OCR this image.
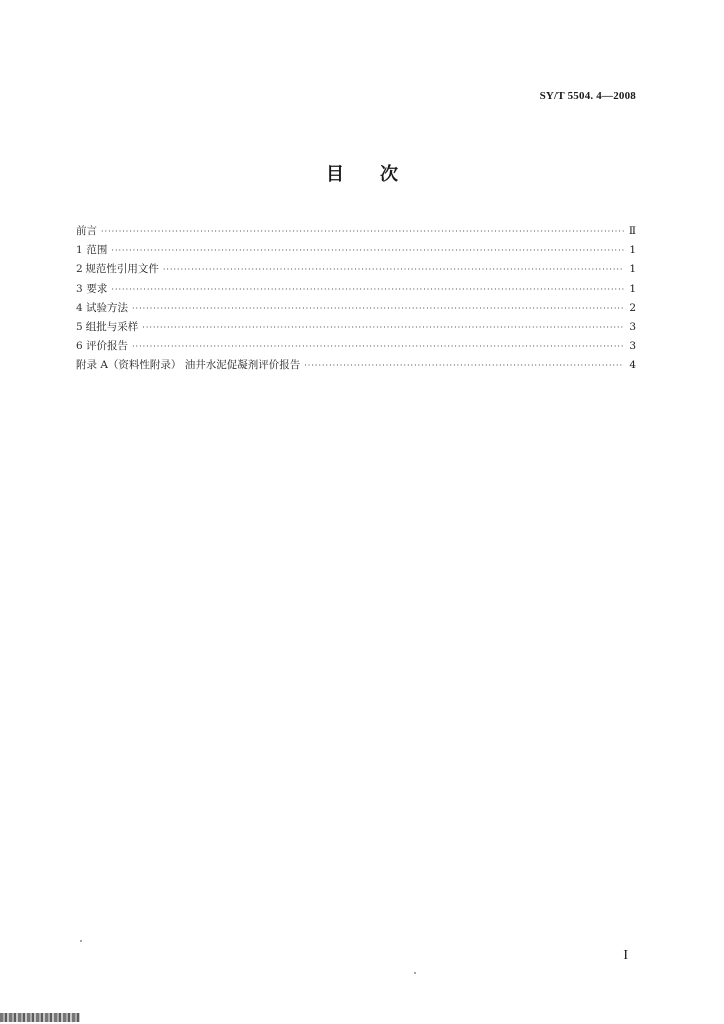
SY/T 5504. 4—2008
目次
前言 ·····	Ⅱ
1 范围 ·····	1
2 规范性引用文件 ·····	1
3 要求 ·····	1
4 试验方法 ·····	2
5 组批与采样 ·····	3
6 评价报告 ·····	3
附录 A（资料性附录） 油井水泥促凝剂评价报告 ·····	4
I
